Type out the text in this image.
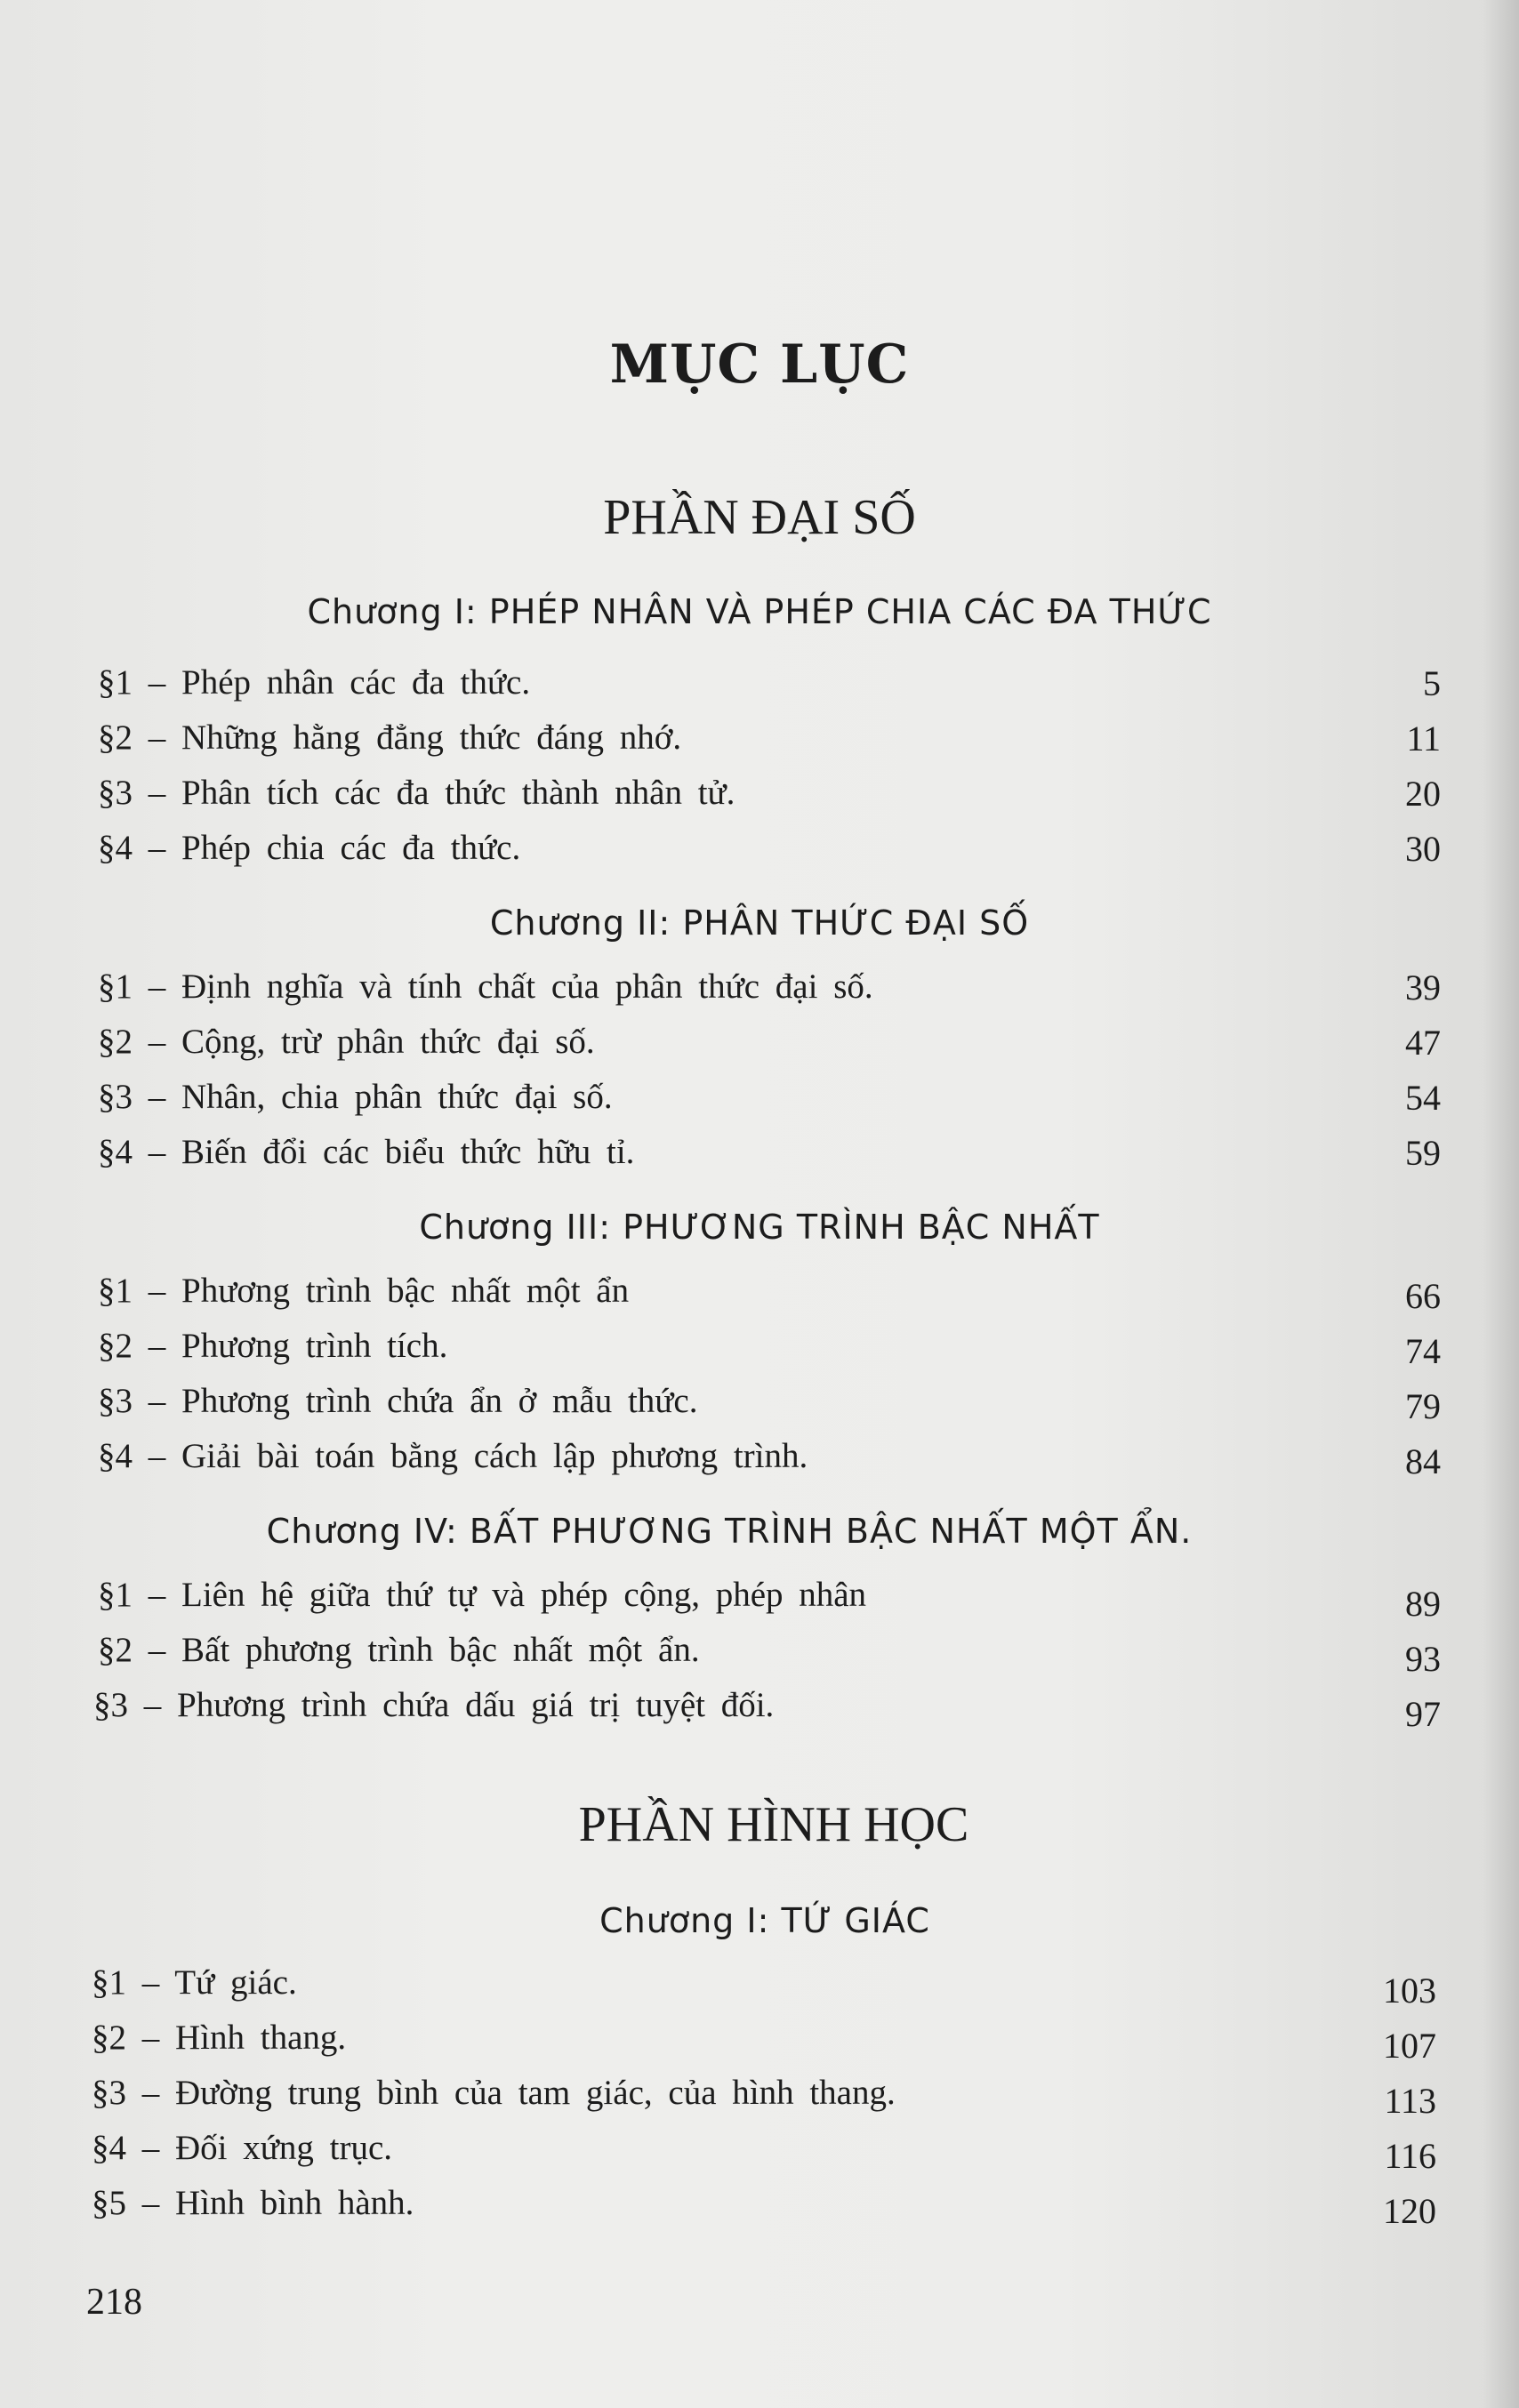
MỤC LỤC
PHẦN ĐẠI SỐ
Chương I: PHÉP NHÂN VÀ PHÉP CHIA CÁC ĐA THỨC
§1 – Phép nhân các đa thức.	5
§2 – Những hằng đẳng thức đáng nhớ.	11
§3 – Phân tích các đa thức thành nhân tử.	20
§4 – Phép chia các đa thức.	30
Chương II: PHÂN THỨC ĐẠI SỐ
§1 – Định nghĩa và tính chất của phân thức đại số.	39
§2 – Cộng, trừ phân thức đại số.	47
§3 – Nhân, chia phân thức đại số.	54
§4 – Biến đổi các biểu thức hữu tỉ.	59
Chương III: PHƯƠNG TRÌNH BẬC NHẤT
§1 – Phương trình bậc nhất một ẩn	66
§2 – Phương trình tích.	74
§3 – Phương trình chứa ẩn ở mẫu thức.	79
§4 – Giải bài toán bằng cách lập phương trình.	84
Chương IV: BẤT PHƯƠNG TRÌNH BẬC NHẤT MỘT ẨN.
§1 – Liên hệ giữa thứ tự và phép cộng, phép nhân	89
§2 – Bất phương trình bậc nhất một ẩn.	93
§3 – Phương trình chứa dấu giá trị tuyệt đối.	97
PHẦN HÌNH HỌC
Chương I: TỨ GIÁC
§1 – Tứ giác.	103
§2 – Hình thang.	107
§3 – Đường trung bình của tam giác, của hình thang.	113
§4 – Đối xứng trục.	116
§5 – Hình bình hành.	120
218
